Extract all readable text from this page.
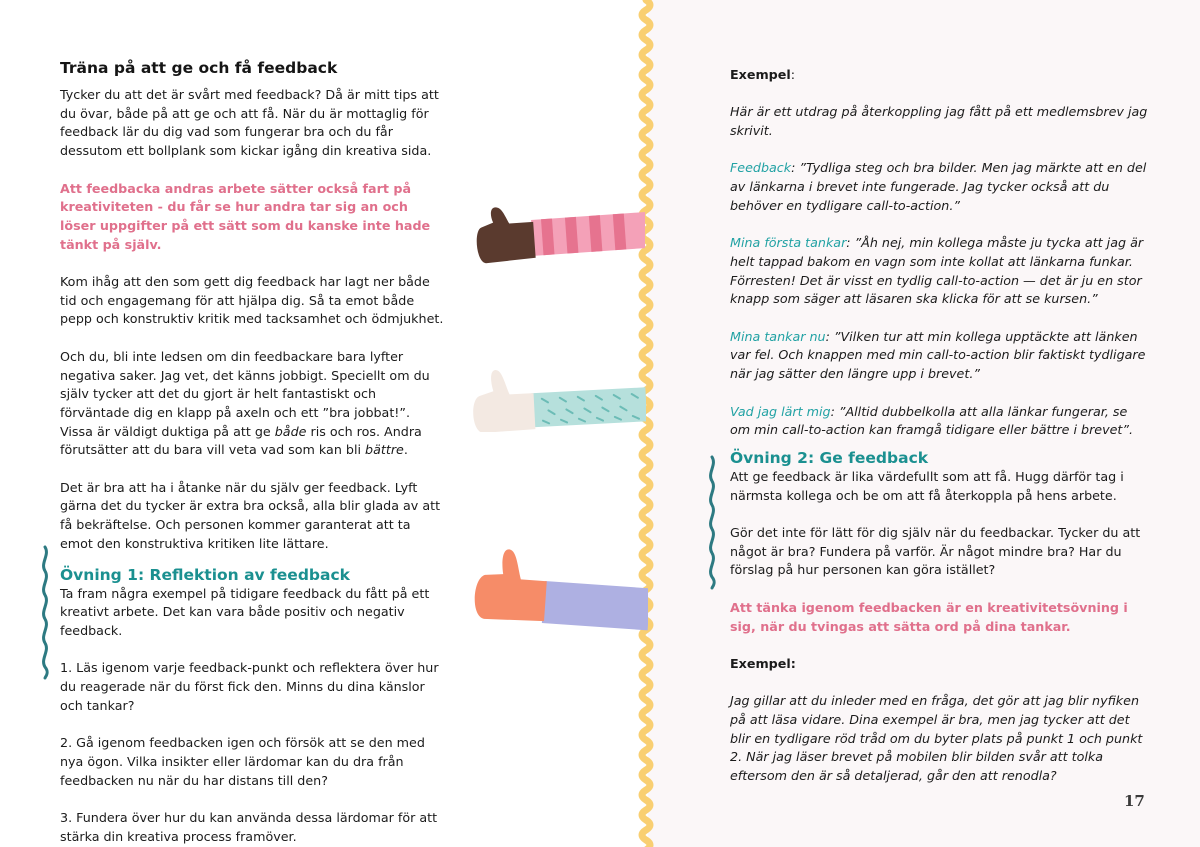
Träna på att ge och få feedback

Tycker du att det är svårt med feedback? Då är mitt tips att du övar, både på att ge och att få. När du är mottaglig för feedback lär du dig vad som fungerar bra och du får dessutom ett bollplank som kickar igång din kreativa sida.

Att feedbacka andras arbete sätter också fart på kreativiteten - du får se hur andra tar sig an och löser uppgifter på ett sätt som du kanske inte hade tänkt på själv.

Kom ihåg att den som gett dig feedback har lagt ner både tid och engagemang för att hjälpa dig. Så ta emot både pepp och konstruktiv kritik med tacksamhet och ödmjukhet.

Och du, bli inte ledsen om din feedbackare bara lyfter negativa saker. Jag vet, det känns jobbigt. Speciellt om du själv tycker att det du gjort är helt fantastiskt och förväntade dig en klapp på axeln och ett ”bra jobbat!”. Vissa är väldigt duktiga på att ge både ris och ros. Andra förutsätter att du bara vill veta vad som kan bli bättre.

Det är bra att ha i åtanke när du själv ger feedback. Lyft gärna det du tycker är extra bra också, alla blir glada av att få bekräftelse. Och personen kommer garanterat att ta emot den konstruktiva kritiken lite lättare.

Övning 1: Reflektion av feedback

Ta fram några exempel på tidigare feedback du fått på ett kreativt arbete. Det kan vara både positiv och negativ feedback.

1. Läs igenom varje feedback-punkt och reflektera över hur du reagerade när du först fick den. Minns du dina känslor och tankar?

2. Gå igenom feedbacken igen och försök att se den med nya ögon. Vilka insikter eller lärdomar kan du dra från feedbacken nu när du har distans till den?

3. Fundera över hur du kan använda dessa lärdomar för att stärka din kreativa process framöver.

Exempel:

Här är ett utdrag på återkoppling jag fått på ett medlemsbrev jag skrivit.

Feedback: ”Tydliga steg och bra bilder. Men jag märkte att en del av länkarna i brevet inte fungerade. Jag tycker också att du behöver en tydligare call-to-action.”

Mina första tankar: ”Åh nej, min kollega måste ju tycka att jag är helt tappad bakom en vagn som inte kollat att länkarna funkar. Förresten! Det är visst en tydlig call-to-action — det är ju en stor knapp som säger att läsaren ska klicka för att se kursen.”

Mina tankar nu: ”Vilken tur att min kollega upptäckte att länken var fel. Och knappen med min call-to-action blir faktiskt tydligare när jag sätter den längre upp i brevet.”

Vad jag lärt mig: ”Alltid dubbelkolla att alla länkar fungerar, se om min call-to-action kan framgå tidigare eller bättre i brevet”.

Övning 2: Ge feedback

Att ge feedback är lika värdefullt som att få. Hugg därför tag i närmsta kollega och be om att få återkoppla på hens arbete.

Gör det inte för lätt för dig själv när du feedbackar. Tycker du att något är bra? Fundera på varför. Är något mindre bra? Har du förslag på hur personen kan göra istället?

Att tänka igenom feedbacken är en kreativitetsövning i sig, när du tvingas att sätta ord på dina tankar.

Exempel:

Jag gillar att du inleder med en fråga, det gör att jag blir nyfiken på att läsa vidare. Dina exempel är bra, men jag tycker att det blir en tydligare röd tråd om du byter plats på punkt 1 och punkt 2. När jag läser brevet på mobilen blir bilden svår att tolka eftersom den är så detaljerad, går den att renodla?

17
